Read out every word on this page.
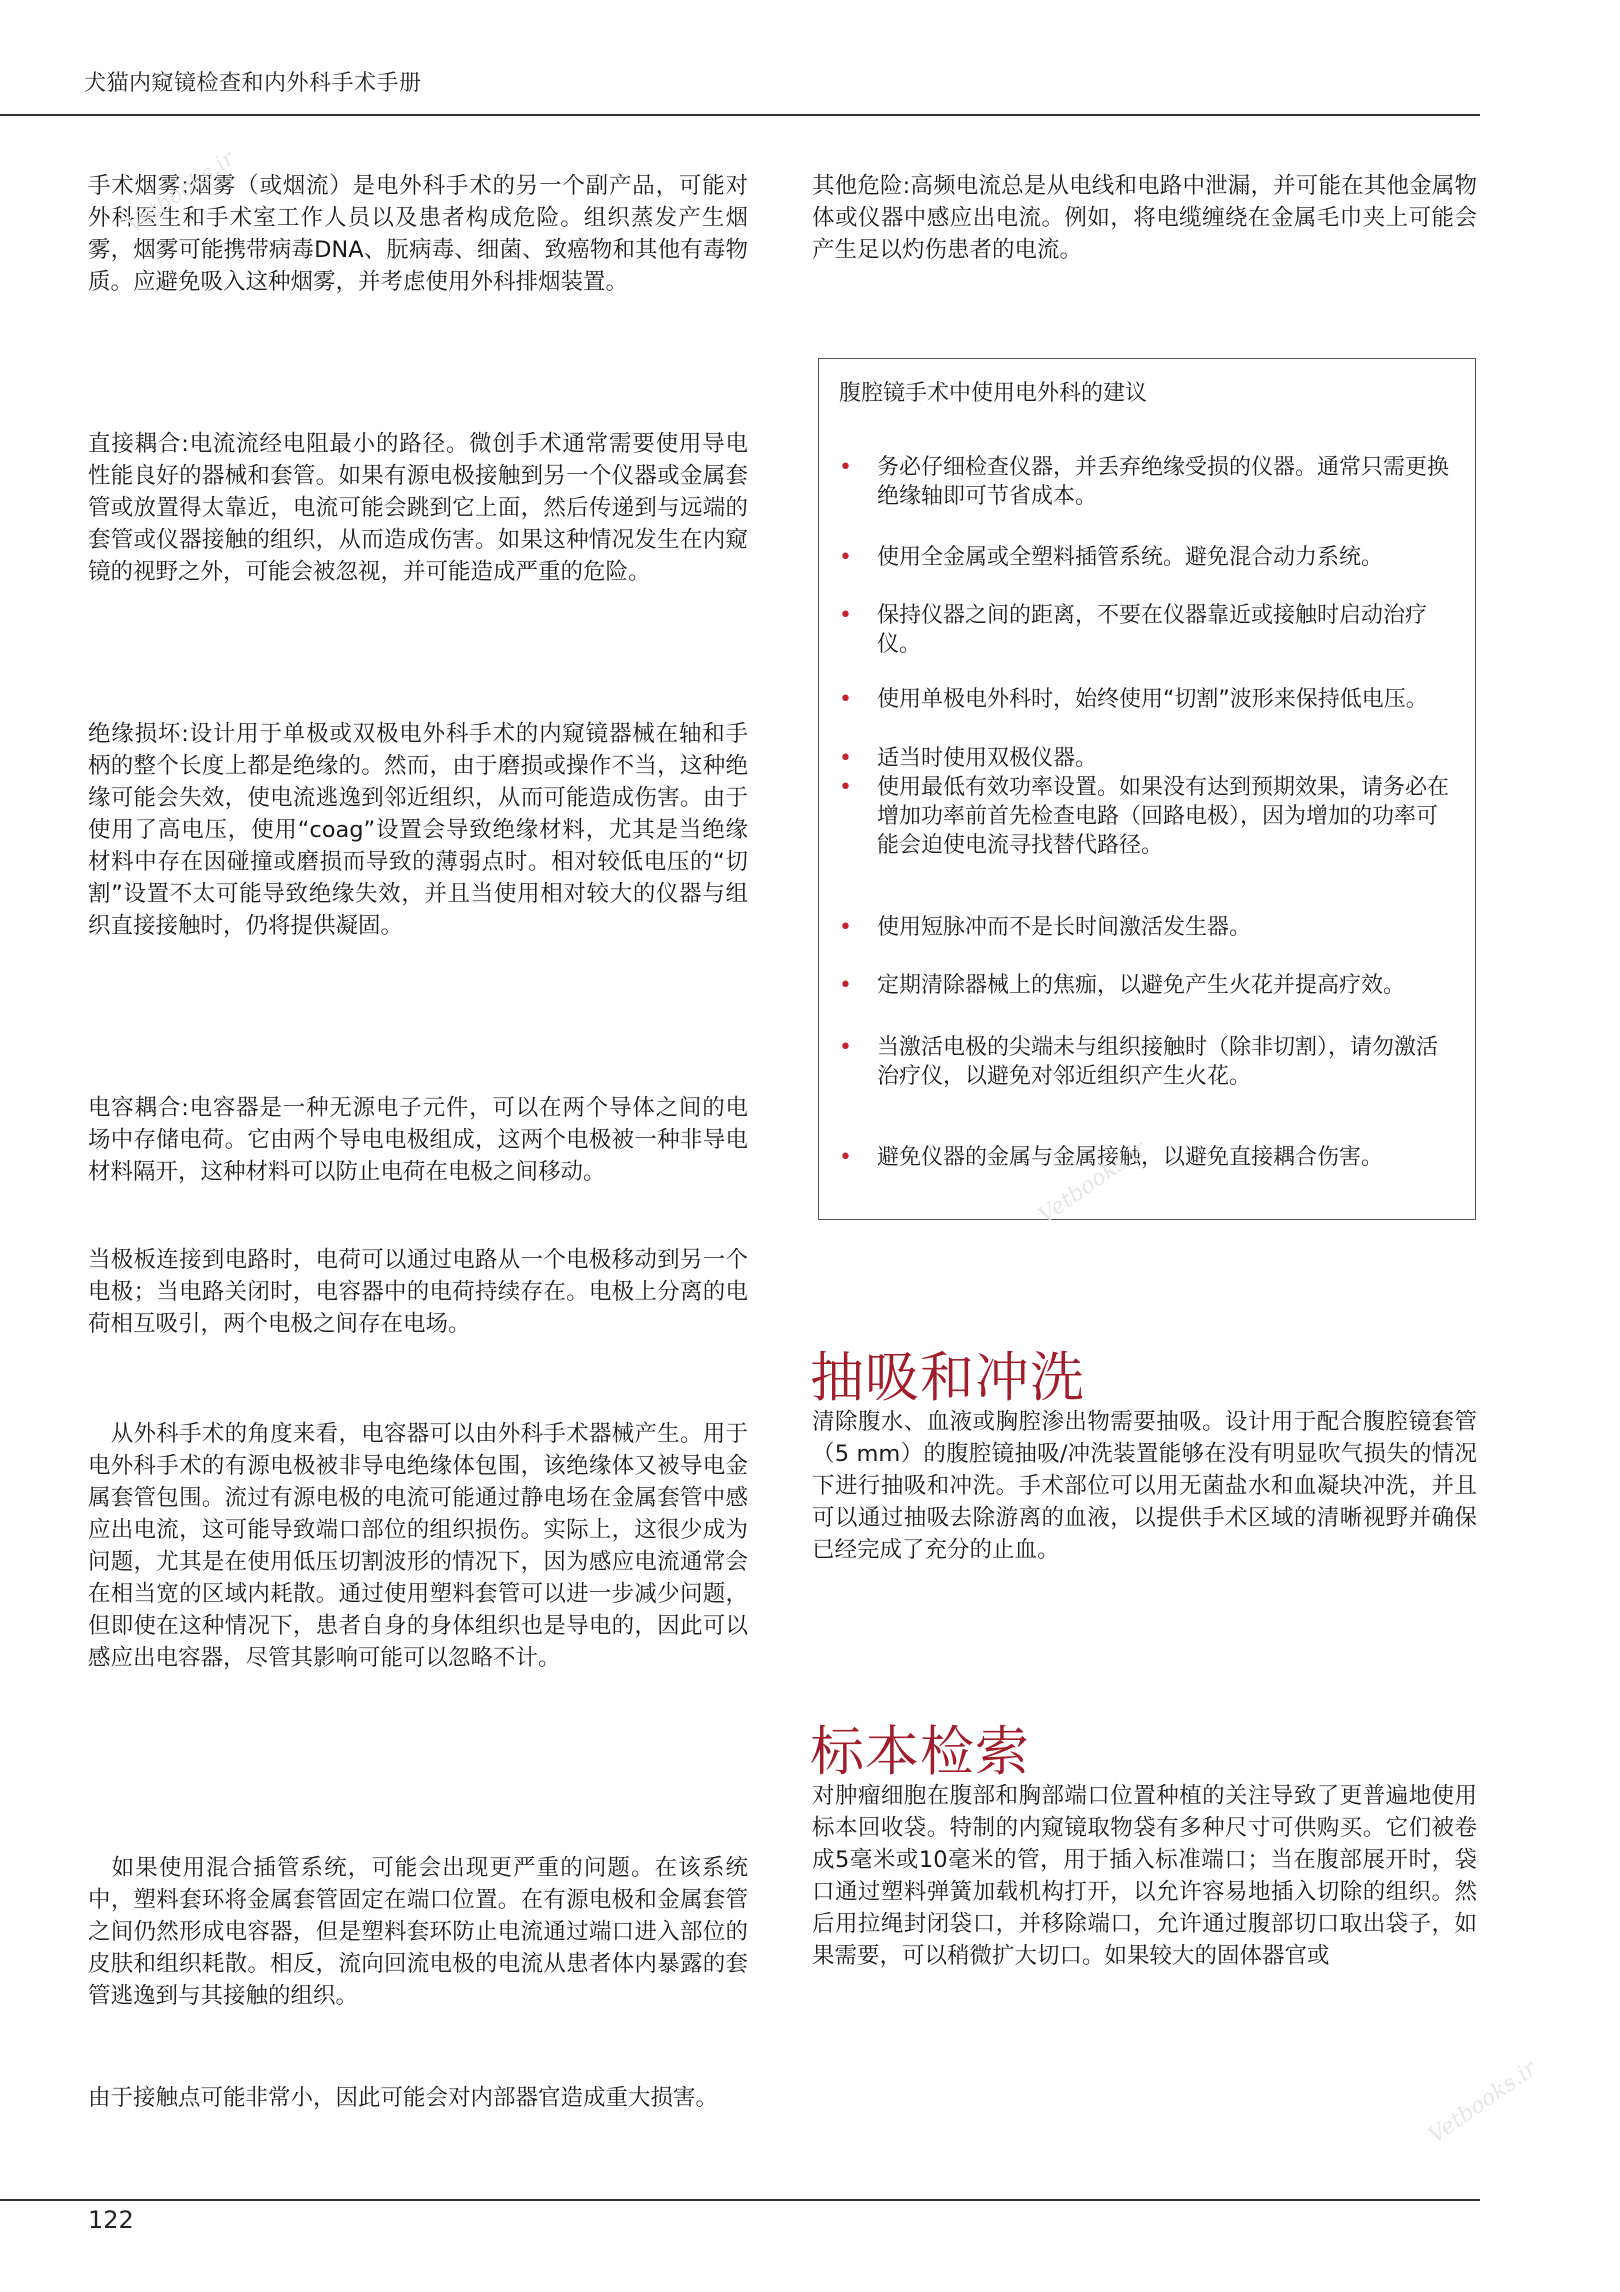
犬猫内窥镜检查和内外科手术手册

手术烟雾:烟雾（或烟流）是电外科手术的另一个副产品，可能对外科医生和手术室工作人员以及患者构成危险。组织蒸发产生烟雾，烟雾可能携带病毒DNA、朊病毒、细菌、致癌物和其他有毒物质。应避免吸入这种烟雾，并考虑使用外科排烟装置。

直接耦合:电流流经电阻最小的路径。微创手术通常需要使用导电性能良好的器械和套管。如果有源电极接触到另一个仪器或金属套管或放置得太靠近，电流可能会跳到它上面，然后传递到与远端的套管或仪器接触的组织，从而造成伤害。如果这种情况发生在内窥镜的视野之外，可能会被忽视，并可能造成严重的危险。

绝缘损坏:设计用于单极或双极电外科手术的内窥镜器械在轴和手柄的整个长度上都是绝缘的。然而，由于磨损或操作不当，这种绝缘可能会失效，使电流逃逸到邻近组织，从而可能造成伤害。由于使用了高电压，使用“coag”设置会导致绝缘材料，尤其是当绝缘材料中存在因碰撞或磨损而导致的薄弱点时。相对较低电压的“切割”设置不太可能导致绝缘失效，并且当使用相对较大的仪器与组织直接接触时，仍将提供凝固。

电容耦合:电容器是一种无源电子元件，可以在两个导体之间的电场中存储电荷。它由两个导电电极组成，这两个电极被一种非导电材料隔开，这种材料可以防止电荷在电极之间移动。

当极板连接到电路时，电荷可以通过电路从一个电极移动到另一个电极；当电路关闭时，电容器中的电荷持续存在。电极上分离的电荷相互吸引，两个电极之间存在电场。

　从外科手术的角度来看，电容器可以由外科手术器械产生。用于电外科手术的有源电极被非导电绝缘体包围，该绝缘体又被导电金属套管包围。流过有源电极的电流可能通过静电场在金属套管中感应出电流，这可能导致端口部位的组织损伤。实际上，这很少成为问题，尤其是在使用低压切割波形的情况下，因为感应电流通常会在相当宽的区域内耗散。通过使用塑料套管可以进一步减少问题，但即使在这种情况下，患者自身的身体组织也是导电的，因此可以感应出电容器，尽管其影响可能可以忽略不计。

　如果使用混合插管系统，可能会出现更严重的问题。在该系统中，塑料套环将金属套管固定在端口位置。在有源电极和金属套管之间仍然形成电容器，但是塑料套环防止电流通过端口进入部位的皮肤和组织耗散。相反，流向回流电极的电流从患者体内暴露的套管逃逸到与其接触的组织。

由于接触点可能非常小，因此可能会对内部器官造成重大损害。

其他危险:高频电流总是从电线和电路中泄漏，并可能在其他金属物体或仪器中感应出电流。例如，将电缆缠绕在金属毛巾夹上可能会产生足以灼伤患者的电流。

腹腔镜手术中使用电外科的建议

• 务必仔细检查仪器，并丢弃绝缘受损的仪器。通常只需更换绝缘轴即可节省成本。
• 使用全金属或全塑料插管系统。避免混合动力系统。
• 保持仪器之间的距离，不要在仪器靠近或接触时启动治疗仪。
• 使用单极电外科时，始终使用“切割”波形来保持低电压。
• 适当时使用双极仪器。
• 使用最低有效功率设置。如果没有达到预期效果，请务必在增加功率前首先检查电路（回路电极），因为增加的功率可能会迫使电流寻找替代路径。
• 使用短脉冲而不是长时间激活发生器。
• 定期清除器械上的焦痂，以避免产生火花并提高疗效。
• 当激活电极的尖端未与组织接触时（除非切割），请勿激活治疗仪，以避免对邻近组织产生火花。
• 避免仪器的金属与金属接触，以避免直接耦合伤害。
抽吸和冲洗

清除腹水、血液或胸腔渗出物需要抽吸。设计用于配合腹腔镜套管（5 mm）的腹腔镜抽吸/冲洗装置能够在没有明显吹气损失的情况下进行抽吸和冲洗。手术部位可以用无菌盐水和血凝块冲洗，并且可以通过抽吸去除游离的血液，以提供手术区域的清晰视野并确保已经完成了充分的止血。

标本检索

对肿瘤细胞在腹部和胸部端口位置种植的关注导致了更普遍地使用标本回收袋。特制的内窥镜取物袋有多种尺寸可供购买。它们被卷成5毫米或10毫米的管，用于插入标准端口；当在腹部展开时，袋口通过塑料弹簧加载机构打开，以允许容易地插入切除的组织。然后用拉绳封闭袋口，并移除端口，允许通过腹部切口取出袋子，如果需要，可以稍微扩大切口。如果较大的固体器官或

Vetbooks.ir
Vetbooks.ir
Vetbooks.ir
122
